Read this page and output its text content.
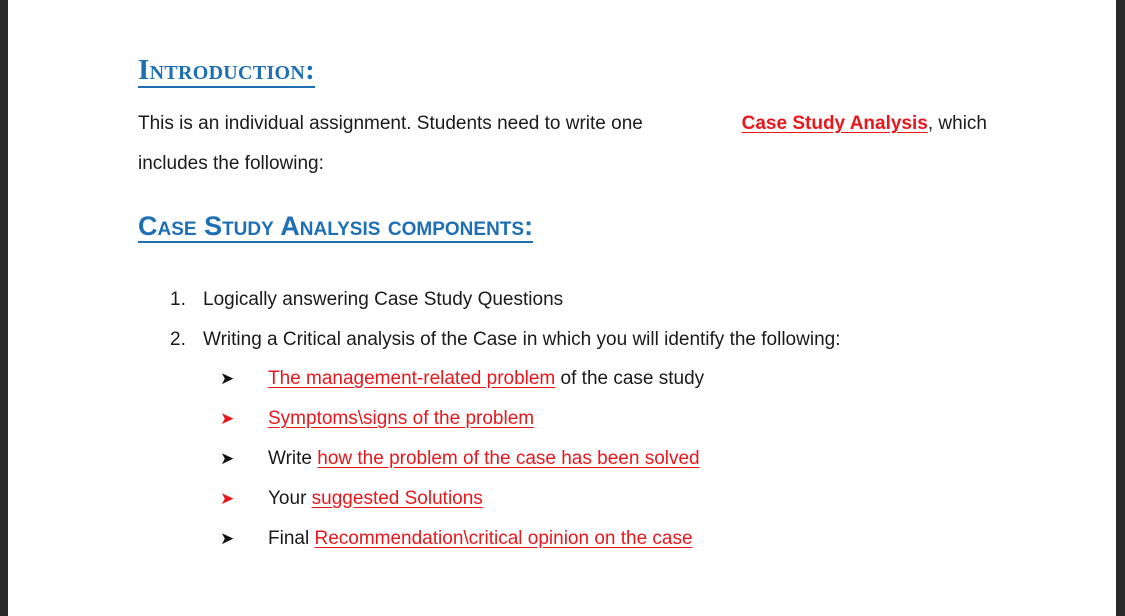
Introduction:
This is an individual assignment. Students need to write one	Case Study Analysis, which
includes the following:
Case Study Analysis components:
1. Logically answering Case Study Questions
2. Writing a Critical analysis of the Case in which you will identify the following:
➤ The management-related problem of the case study
➤ Symptoms\signs of the problem
➤ Write how the problem of the case has been solved
➤ Your suggested Solutions
➤ Final Recommendation\critical opinion on the case
